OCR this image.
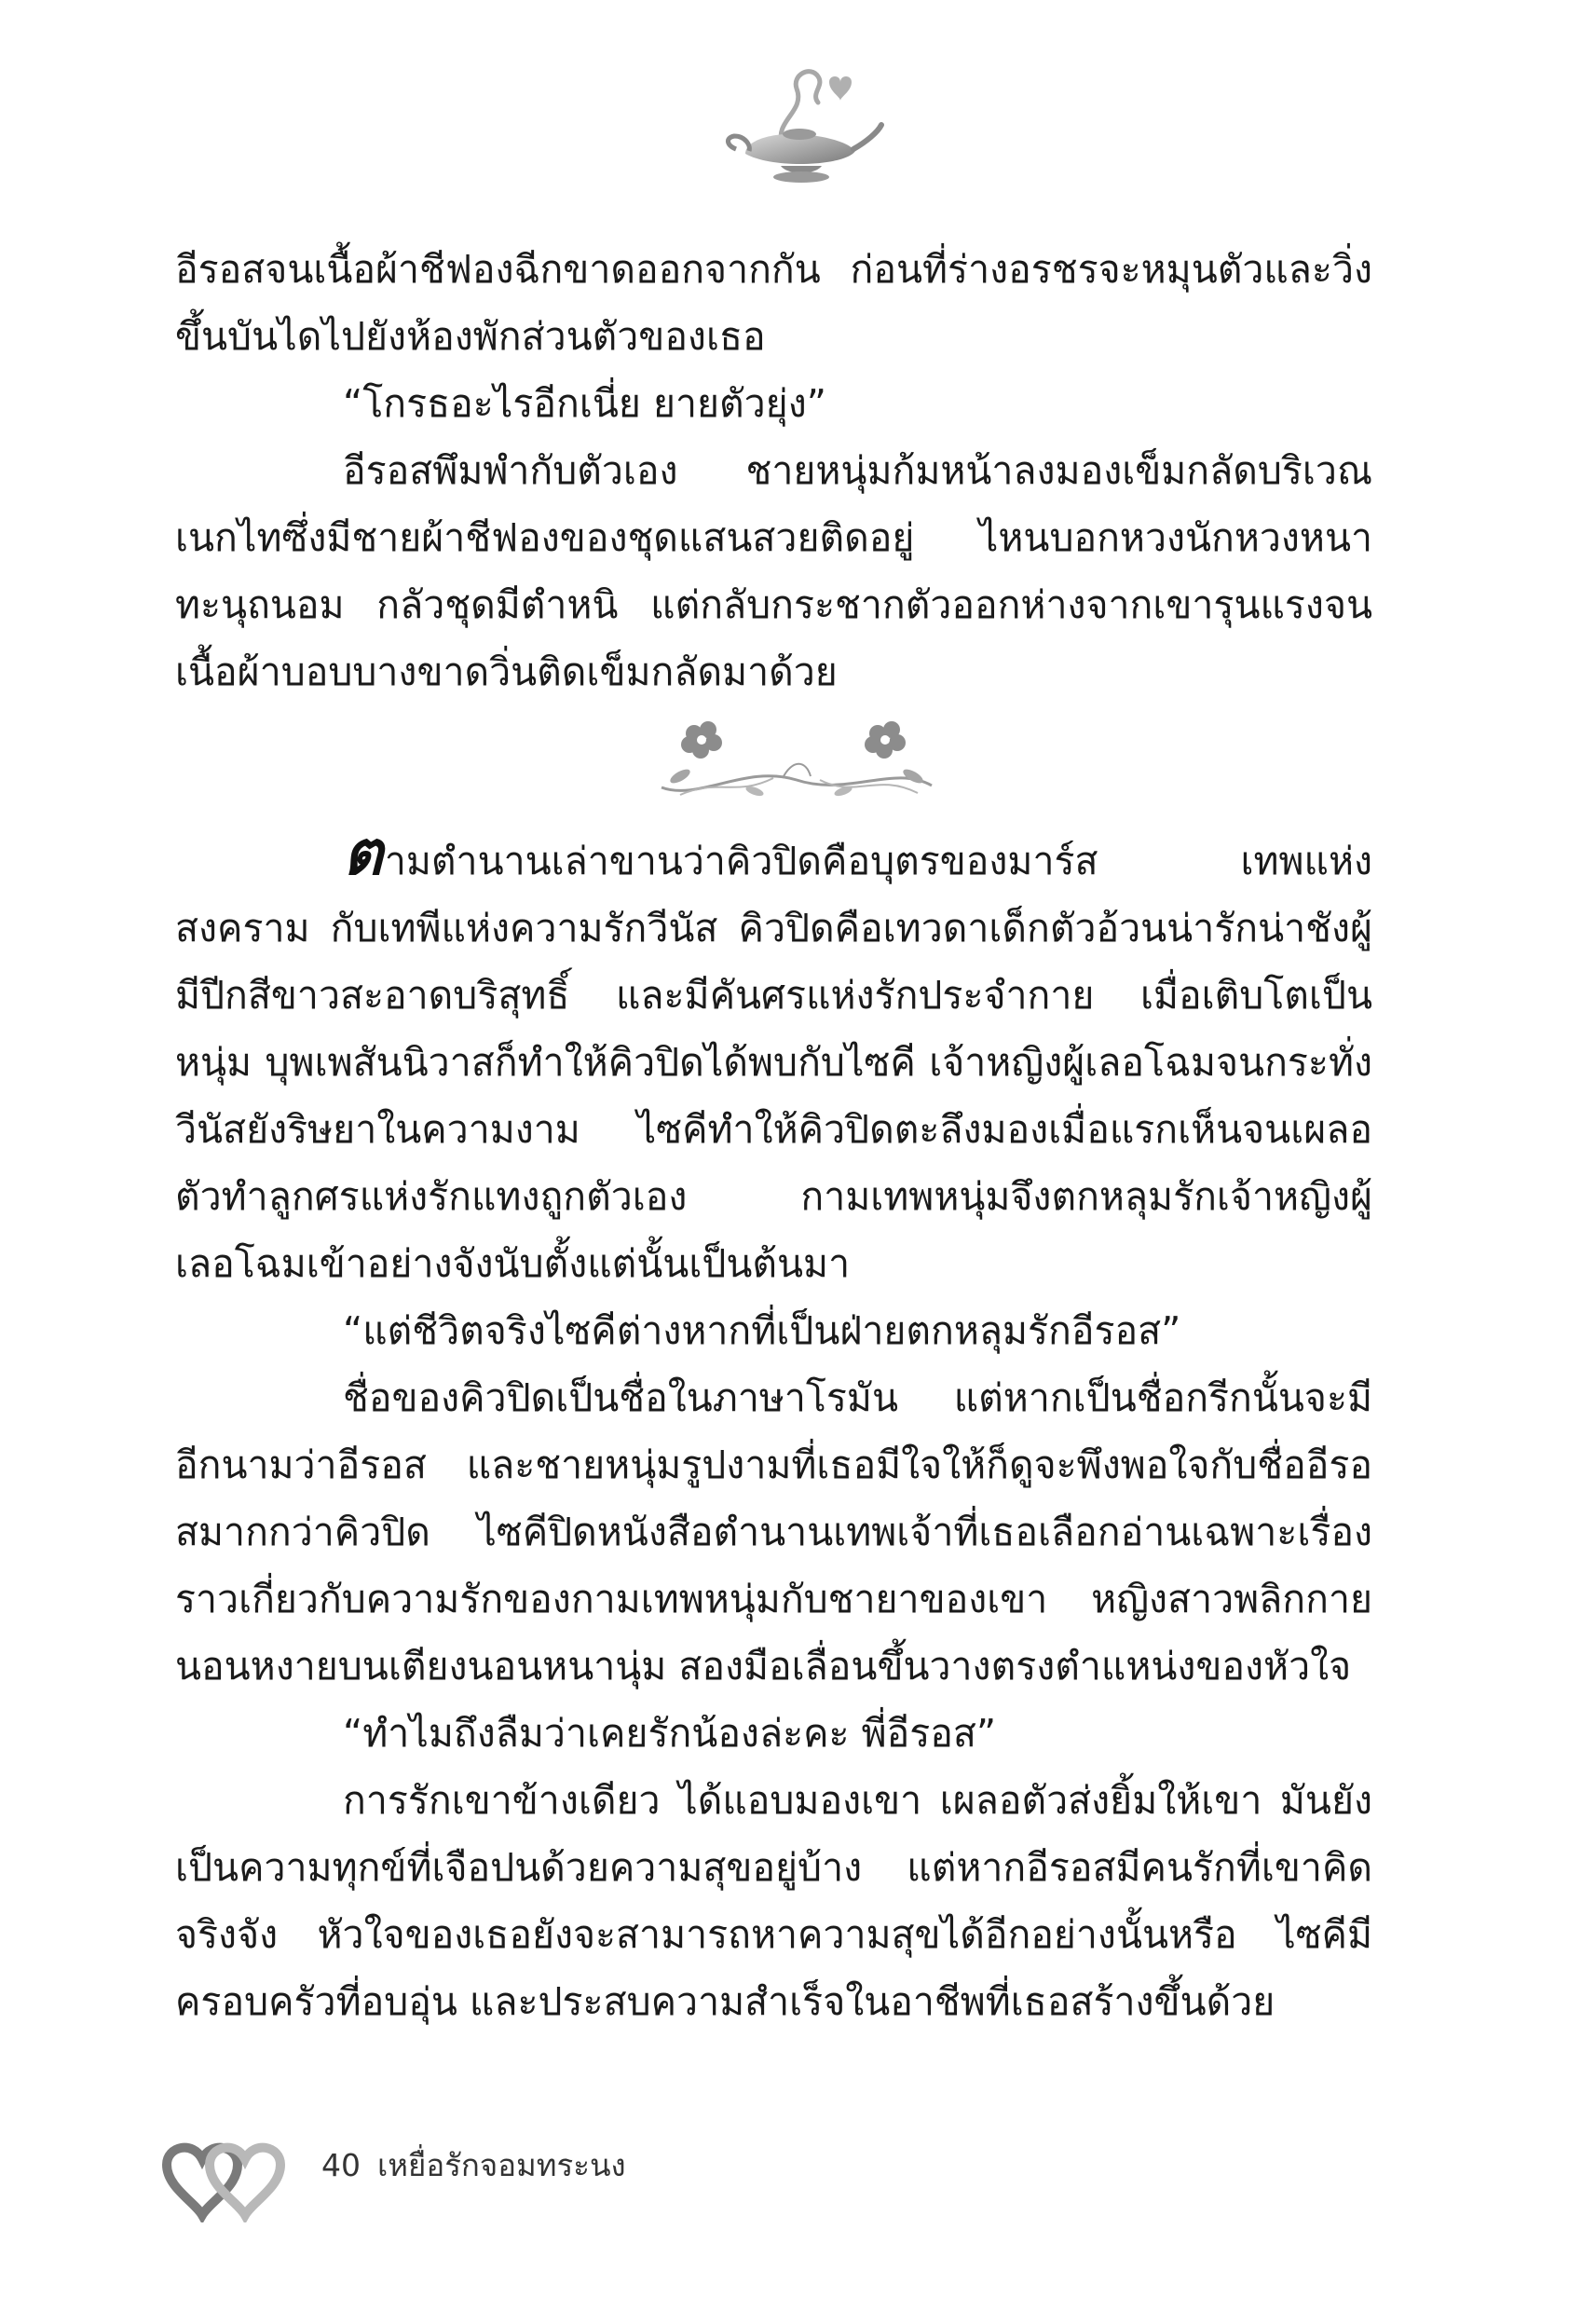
อีรอสจนเนื้อผ้าชีฟองฉีกขาดออกจากกัน ก่อนที่ร่างอรชรจะหมุนตัวและวิ่งขึ้นบันไดไปยังห้องพักส่วนตัวของเธอ

“โกรธอะไรอีกเนี่ย ยายตัวยุ่ง”

อีรอสพึมพำกับตัวเอง ชายหนุ่มก้มหน้าลงมองเข็มกลัดบริเวณเนกไทซึ่งมีชายผ้าชีฟองของชุดแสนสวยติดอยู่ ไหนบอกหวงนักหวงหนาทะนุถนอม กลัวชุดมีตำหนิ แต่กลับกระชากตัวออกห่างจากเขารุนแรงจนเนื้อผ้าบอบบางขาดวิ่นติดเข็มกลัดมาด้วย

ตามตำนานเล่าขานว่าคิวปิดคือบุตรของมาร์ส เทพแห่งสงคราม กับเทพีแห่งความรักวีนัส คิวปิดคือเทวดาเด็กตัวอ้วนน่ารักน่าชังผู้มีปีกสีขาวสะอาดบริสุทธิ์ และมีคันศรแห่งรักประจำกาย เมื่อเติบโตเป็นหนุ่ม บุพเพสันนิวาสก็ทำให้คิวปิดได้พบกับไซคี เจ้าหญิงผู้เลอโฉมจนกระทั่งวีนัสยังริษยาในความงาม ไซคีทำให้คิวปิดตะลึงมองเมื่อแรกเห็นจนเผลอตัวทำลูกศรแห่งรักแทงถูกตัวเอง กามเทพหนุ่มจึงตกหลุมรักเจ้าหญิงผู้เลอโฉมเข้าอย่างจังนับตั้งแต่นั้นเป็นต้นมา

“แต่ชีวิตจริงไซคีต่างหากที่เป็นฝ่ายตกหลุมรักอีรอส”

ชื่อของคิวปิดเป็นชื่อในภาษาโรมัน แต่หากเป็นชื่อกรีกนั้นจะมีอีกนามว่าอีรอส และชายหนุ่มรูปงามที่เธอมีใจให้ก็ดูจะพึงพอใจกับชื่ออีรอสมากกว่าคิวปิด ไซคีปิดหนังสือตำนานเทพเจ้าที่เธอเลือกอ่านเฉพาะเรื่องราวเกี่ยวกับความรักของกามเทพหนุ่มกับชายาของเขา หญิงสาวพลิกกายนอนหงายบนเตียงนอนหนานุ่ม สองมือเลื่อนขึ้นวางตรงตำแหน่งของหัวใจ

“ทำไมถึงลืมว่าเคยรักน้องล่ะคะ พี่อีรอส”

การรักเขาข้างเดียว ได้แอบมองเขา เผลอตัวส่งยิ้มให้เขา มันยังเป็นความทุกข์ที่เจือปนด้วยความสุขอยู่บ้าง แต่หากอีรอสมีคนรักที่เขาคิดจริงจัง หัวใจของเธอยังจะสามารถหาความสุขได้อีกอย่างนั้นหรือ ไซคีมีครอบครัวที่อบอุ่น และประสบความสำเร็จในอาชีพที่เธอสร้างขึ้นด้วย

40 เหยื่อรักจอมทระนง
